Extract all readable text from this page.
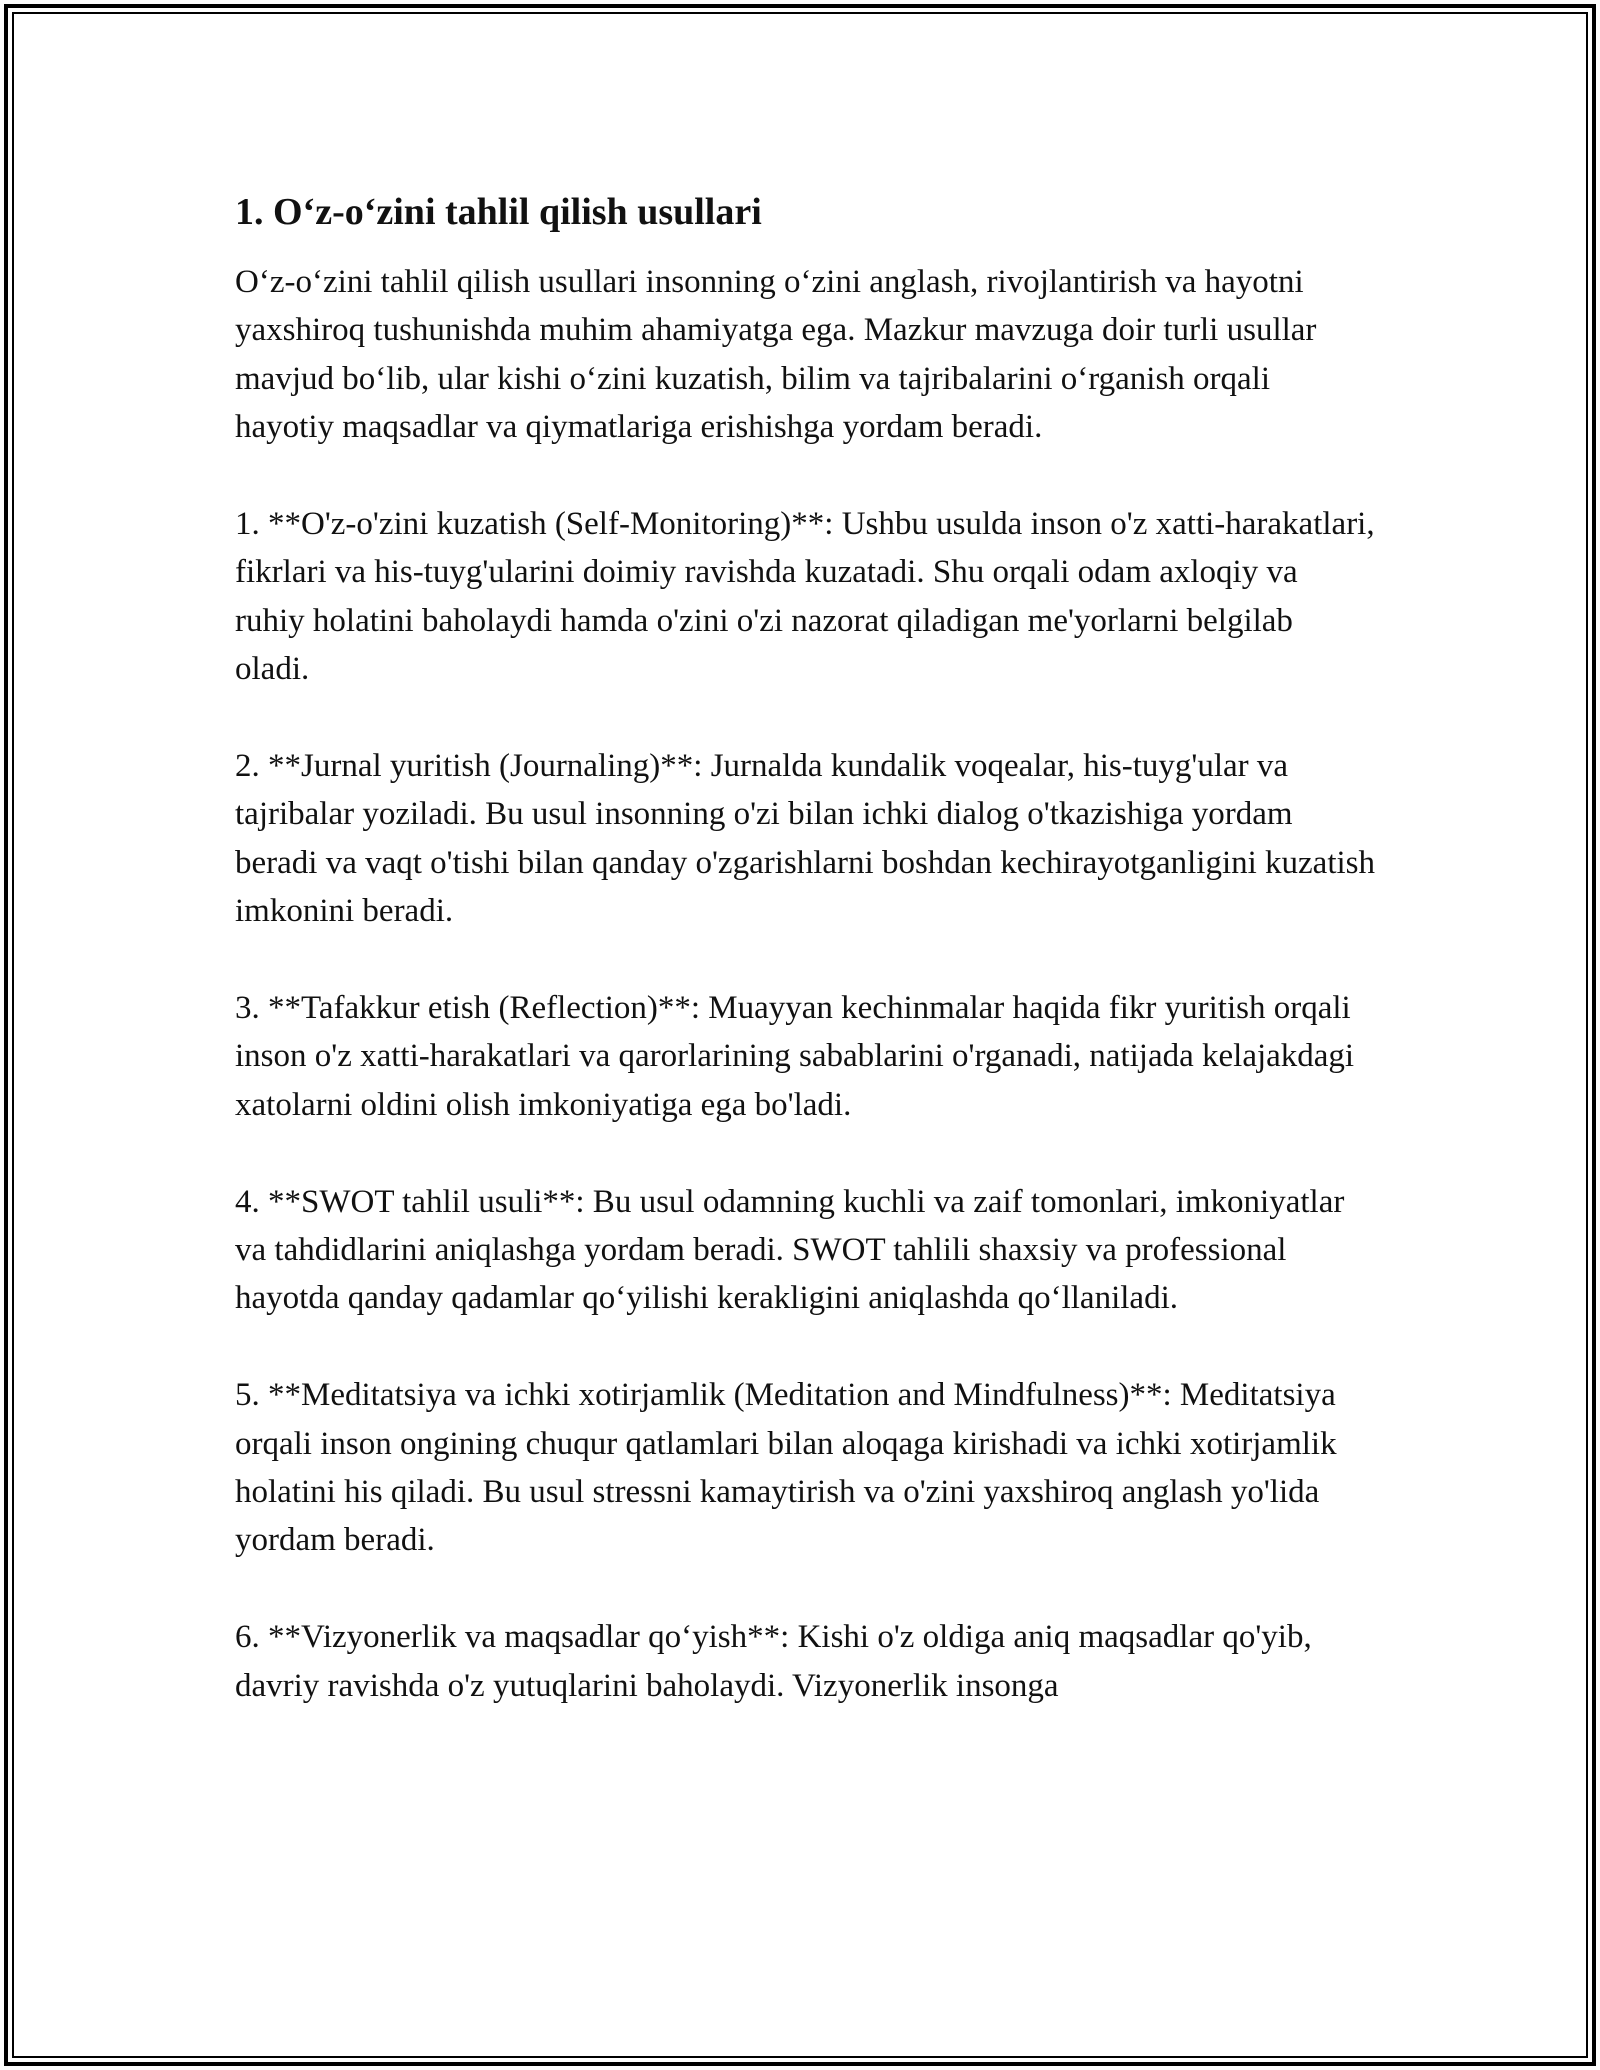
1. O‘z-o‘zini tahlil qilish usullari

O‘z-o‘zini tahlil qilish usullari insonning o‘zini anglash, rivojlantirish va hayotni yaxshiroq tushunishda muhim ahamiyatga ega. Mazkur mavzuga doir turli usullar mavjud bo‘lib, ular kishi o‘zini kuzatish, bilim va tajribalarini o‘rganish orqali hayotiy maqsadlar va qiymatlariga erishishga yordam beradi.

1. **O'z-o'zini kuzatish (Self-Monitoring)**: Ushbu usulda inson o'z xatti-harakatlari, fikrlari va his-tuyg'ularini doimiy ravishda kuzatadi. Shu orqali odam axloqiy va ruhiy holatini baholaydi hamda o'zini o'zi nazorat qiladigan me'yorlarni belgilab oladi.

2. **Jurnal yuritish (Journaling)**: Jurnalda kundalik voqealar, his-tuyg'ular va tajribalar yoziladi. Bu usul insonning o'zi bilan ichki dialog o'tkazishiga yordam beradi va vaqt o'tishi bilan qanday o'zgarishlarni boshdan kechirayotganligini kuzatish imkonini beradi.

3. **Tafakkur etish (Reflection)**: Muayyan kechinmalar haqida fikr yuritish orqali inson o'z xatti-harakatlari va qarorlarining sabablarini o'rganadi, natijada kelajakdagi xatolarni oldini olish imkoniyatiga ega bo'ladi.

4. **SWOT tahlil usuli**: Bu usul odamning kuchli va zaif tomonlari, imkoniyatlar va tahdidlarini aniqlashga yordam beradi. SWOT tahlili shaxsiy va professional hayotda qanday qadamlar qo‘yilishi kerakligini aniqlashda qo‘llaniladi.

5. **Meditatsiya va ichki xotirjamlik (Meditation and Mindfulness)**: Meditatsiya orqali inson ongining chuqur qatlamlari bilan aloqaga kirishadi va ichki xotirjamlik holatini his qiladi. Bu usul stressni kamaytirish va o'zini yaxshiroq anglash yo'lida yordam beradi.

6. **Vizyonerlik va maqsadlar qo‘yish**: Kishi o'z oldiga aniq maqsadlar qo'yib, davriy ravishda o'z yutuqlarini baholaydi. Vizyonerlik insonga
